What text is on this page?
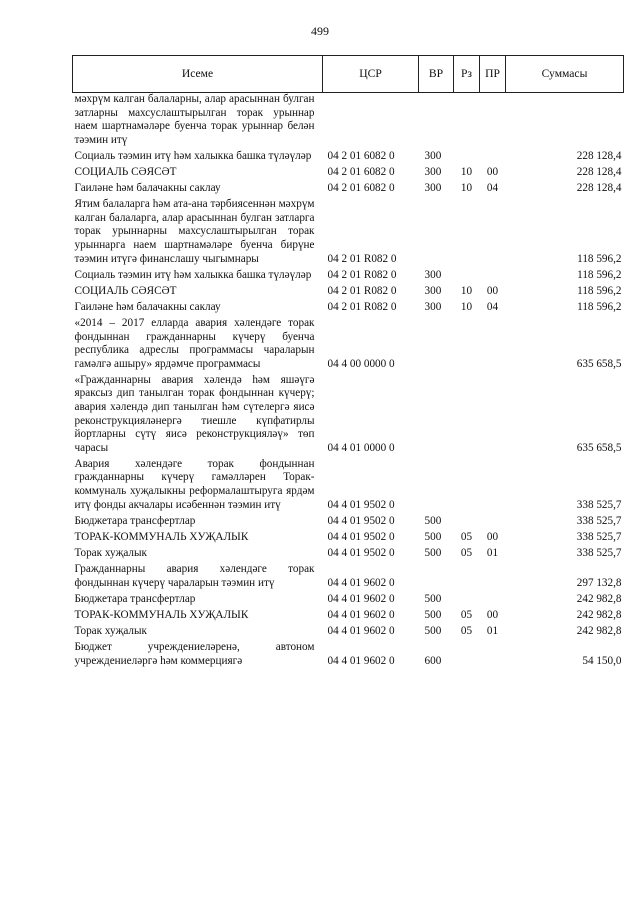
499
Исеме	ЦСР	ВР	Рз	ПР	Суммасы
мәхрүм калган балаларны, алар арасыннан булган затларны махсуслаштырылган торак урыннар наем шартнамәләре буенча торак урыннар белән тәэмин итү					
Социаль тәэмин итү һәм халыкка башка түләүләр	04 2 01 6082 0	300			228 128,4
СОЦИАЛЬ СӘЯСӘТ	04 2 01 6082 0	300	10	00	228 128,4
Гаиләне һәм балачакны саклау	04 2 01 6082 0	300	10	04	228 128,4
Ятим балаларга һәм ата-ана тәрбиясеннән мәхрүм калган балаларга, алар арасыннан булган затларга торак урыннарны махсуслаштырылган торак урыннарга наем шартнамәләре буенча бирүне тәэмин итүгә финанслашу чыгымнары	04 2 01 R082 0				118 596,2
Социаль тәэмин итү һәм халыкка башка түләүләр	04 2 01 R082 0	300			118 596,2
СОЦИАЛЬ СӘЯСӘТ	04 2 01 R082 0	300	10	00	118 596,2
Гаиләне һәм балачакны саклау	04 2 01 R082 0	300	10	04	118 596,2
«2014 – 2017 елларда авария хәлендәге торак фондыннан гражданнарны күчерү буенча республика адреслы программасы чараларын гамәлгә ашыру» ярдәмче программасы	04 4 00 0000 0				635 658,5
«Гражданнарны авария хәлендә һәм яшәүгә яраксыз дип танылган торак фондыннан күчерү; авария хәлендә дип танылган һәм сүтелергә яисә реконструкцияләнергә тиешле күпфатирлы йортларны сүтү яисә реконструкцияләү» төп чарасы	04 4 01 0000 0				635 658,5
Авария хәлендәге торак фондыннан гражданнарны күчерү гамәлләрен Торак-коммуналь хуҗалыкны реформалаштыруга ярдәм итү фонды акчалары исәбеннән тәэмин итү	04 4 01 9502 0				338 525,7
Бюджетара трансфертлар	04 4 01 9502 0	500			338 525,7
ТОРАК-КОММУНАЛЬ ХУҖАЛЫК	04 4 01 9502 0	500	05	00	338 525,7
Торак хуҗалык	04 4 01 9502 0	500	05	01	338 525,7
Гражданнарны авария хәлендәге торак фондыннан күчерү чараларын тәэмин итү	04 4 01 9602 0				297 132,8
Бюджетара трансфертлар	04 4 01 9602 0	500			242 982,8
ТОРАК-КОММУНАЛЬ ХУҖАЛЫК	04 4 01 9602 0	500	05	00	242 982,8
Торак хуҗалык	04 4 01 9602 0	500	05	01	242 982,8
Бюджет учреждениеләренә, автоном учреждениеләргә һәм коммерциягә	04 4 01 9602 0	600			54 150,0
